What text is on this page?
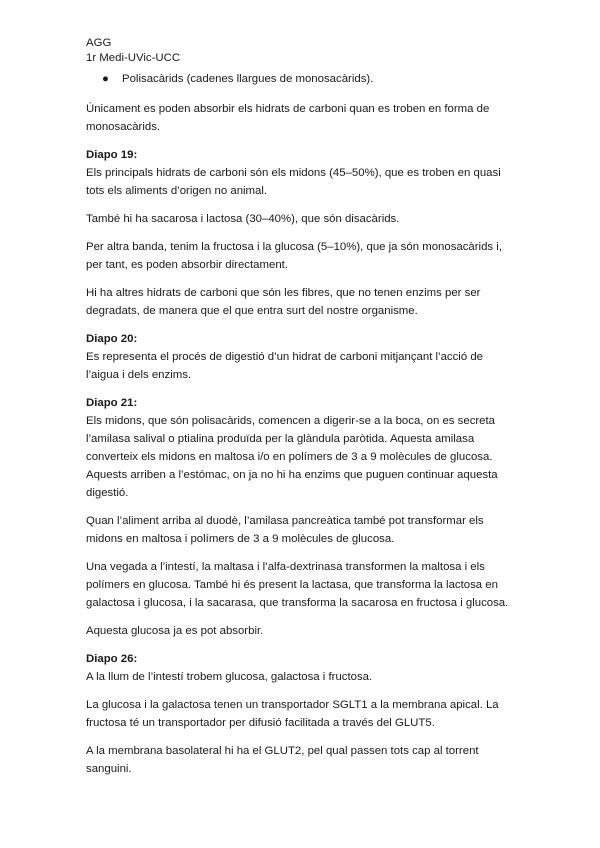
AGG
1r Medi-UVic-UCC
● Polisacàrids (cadenes llargues de monosacàrids).

Únicament es poden absorbir els hidrats de carboni quan es troben en forma de monosacàrids.

Diapo 19:

Els principals hidrats de carboni són els midons (45–50%), que es troben en quasi tots els aliments d’origen no animal.

També hi ha sacarosa i lactosa (30–40%), que són disacàrids.

Per altra banda, tenim la fructosa i la glucosa (5–10%), que ja són monosacàrids i, per tant, es poden absorbir directament.

Hi ha altres hidrats de carboni que són les fibres, que no tenen enzims per ser degradats, de manera que el que entra surt del nostre organisme.

Diapo 20:

Es representa el procés de digestió d’un hidrat de carboni mitjançant l’acció de l’aigua i dels enzims.

Diapo 21:

Els midons, que són polisacàrids, comencen a digerir-se a la boca, on es secreta l’amilasa salival o ptialina produïda per la glàndula paròtida. Aquesta amilasa converteix els midons en maltosa i/o en polímers de 3 a 9 molècules de glucosa. Aquests arriben a l’estómac, on ja no hi ha enzims que puguen continuar aquesta digestió.

Quan l’aliment arriba al duodè, l’amilasa pancreàtica també pot transformar els midons en maltosa i polímers de 3 a 9 molècules de glucosa.

Una vegada a l’intestí, la maltasa i l’alfa-dextrinasa transformen la maltosa i els polímers en glucosa. També hi és present la lactasa, que transforma la lactosa en galactosa i glucosa, i la sacarasa, que transforma la sacarosa en fructosa i glucosa.

Aquesta glucosa ja es pot absorbir.

Diapo 26:

A la llum de l’intestí trobem glucosa, galactosa i fructosa.

La glucosa i la galactosa tenen un transportador SGLT1 a la membrana apical. La fructosa té un transportador per difusió facilitada a través del GLUT5.

A la membrana basolateral hi ha el GLUT2, pel qual passen tots cap al torrent sanguini.
